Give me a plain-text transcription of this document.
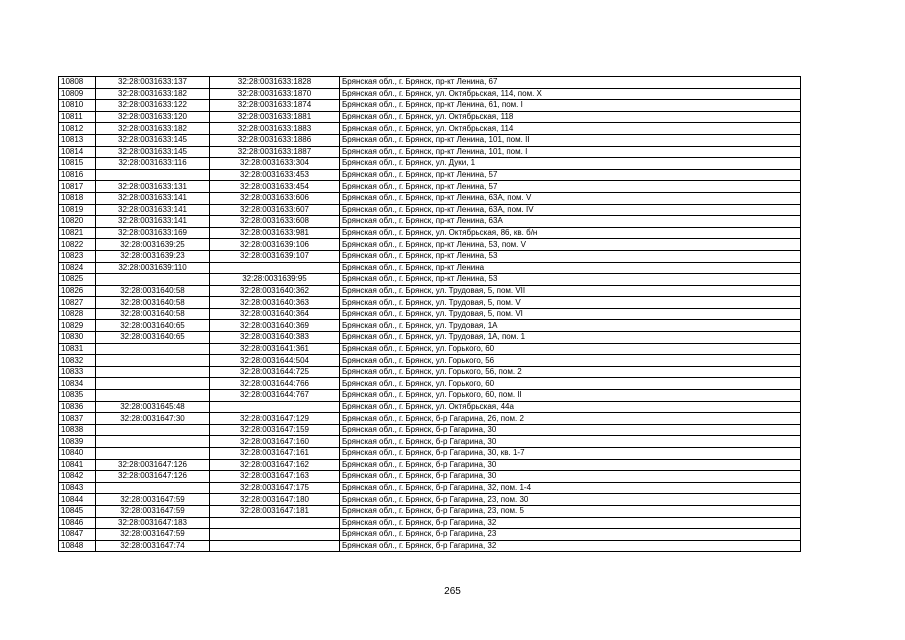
10808	32:28:0031633:137	32:28:0031633:1828	Брянская обл., г. Брянск, пр-кт Ленина, 67
10809	32:28:0031633:182	32:28:0031633:1870	Брянская обл., г. Брянск, ул. Октябрьская, 114, пом. X
10810	32:28:0031633:122	32:28:0031633:1874	Брянская обл., г. Брянск, пр-кт Ленина, 61, пом. I
10811	32:28:0031633:120	32:28:0031633:1881	Брянская обл., г. Брянск, ул. Октябрьская, 118
10812	32:28:0031633:182	32:28:0031633:1883	Брянская обл., г. Брянск, ул. Октябрьская, 114
10813	32:28:0031633:145	32:28:0031633:1886	Брянская обл., г. Брянск, пр-кт Ленина, 101, пом. II
10814	32:28:0031633:145	32:28:0031633:1887	Брянская обл., г. Брянск, пр-кт Ленина, 101, пом. I
10815	32:28:0031633:116	32:28:0031633:304	Брянская обл., г. Брянск, ул. Дуки, 1
10816		32:28:0031633:453	Брянская обл., г. Брянск, пр-кт Ленина, 57
10817	32:28:0031633:131	32:28:0031633:454	Брянская обл., г. Брянск, пр-кт Ленина, 57
10818	32:28:0031633:141	32:28:0031633:606	Брянская обл., г. Брянск, пр-кт Ленина, 63А, пом. V
10819	32:28:0031633:141	32:28:0031633:607	Брянская обл., г. Брянск, пр-кт Ленина, 63А, пом. IV
10820	32:28:0031633:141	32:28:0031633:608	Брянская обл., г. Брянск, пр-кт Ленина, 63А
10821	32:28:0031633:169	32:28:0031633:981	Брянская обл., г. Брянск, ул. Октябрьская, 86, кв. б/н
10822	32:28:0031639:25	32:28:0031639:106	Брянская обл., г. Брянск, пр-кт Ленина, 53, пом. V
10823	32:28:0031639:23	32:28:0031639:107	Брянская обл., г. Брянск, пр-кт Ленина, 53
10824	32:28:0031639:110		Брянская обл., г. Брянск, пр-кт Ленина
10825		32:28:0031639:95	Брянская обл., г. Брянск, пр-кт Ленина, 53
10826	32:28:0031640:58	32:28:0031640:362	Брянская обл., г. Брянск, ул. Трудовая, 5, пом. VII
10827	32:28:0031640:58	32:28:0031640:363	Брянская обл., г. Брянск, ул. Трудовая, 5, пом. V
10828	32:28:0031640:58	32:28:0031640:364	Брянская обл., г. Брянск, ул. Трудовая, 5, пом. VI
10829	32:28:0031640:65	32:28:0031640:369	Брянская обл., г. Брянск, ул. Трудовая, 1А
10830	32:28:0031640:65	32:28:0031640:383	Брянская обл., г. Брянск, ул. Трудовая, 1А, пом. 1
10831		32:28:0031641:361	Брянская обл., г. Брянск, ул. Горького, 60
10832		32:28:0031644:504	Брянская обл., г. Брянск, ул. Горького, 56
10833		32:28:0031644:725	Брянская обл., г. Брянск, ул. Горького, 56, пом. 2
10834		32:28:0031644:766	Брянская обл., г. Брянск, ул. Горького, 60
10835		32:28:0031644:767	Брянская обл., г. Брянск, ул. Горького, 60, пом. II
10836	32:28:0031645:48		Брянская обл., г. Брянск, ул. Октябрьская, 44а
10837	32:28:0031647:30	32:28:0031647:129	Брянская обл., г. Брянск, б-р Гагарина, 26, пом. 2
10838		32:28:0031647:159	Брянская обл., г. Брянск, б-р Гагарина, 30
10839		32:28:0031647:160	Брянская обл., г. Брянск, б-р Гагарина, 30
10840		32:28:0031647:161	Брянская обл., г. Брянск, б-р Гагарина, 30, кв. 1-7
10841	32:28:0031647:126	32:28:0031647:162	Брянская обл., г. Брянск, б-р Гагарина, 30
10842	32:28:0031647:126	32:28:0031647:163	Брянская обл., г. Брянск, б-р Гагарина, 30
10843		32:28:0031647:175	Брянская обл., г. Брянск, б-р Гагарина, 32, пом. 1-4
10844	32:28:0031647:59	32:28:0031647:180	Брянская обл., г. Брянск, б-р Гагарина, 23, пом. 30
10845	32:28:0031647:59	32:28:0031647:181	Брянская обл., г. Брянск, б-р Гагарина, 23, пом. 5
10846	32:28:0031647:183		Брянская обл., г. Брянск, б-р Гагарина, 32
10847	32:28:0031647:59		Брянская обл., г. Брянск, б-р Гагарина, 23
10848	32:28:0031647:74		Брянская обл., г. Брянск, б-р Гагарина, 32
265
